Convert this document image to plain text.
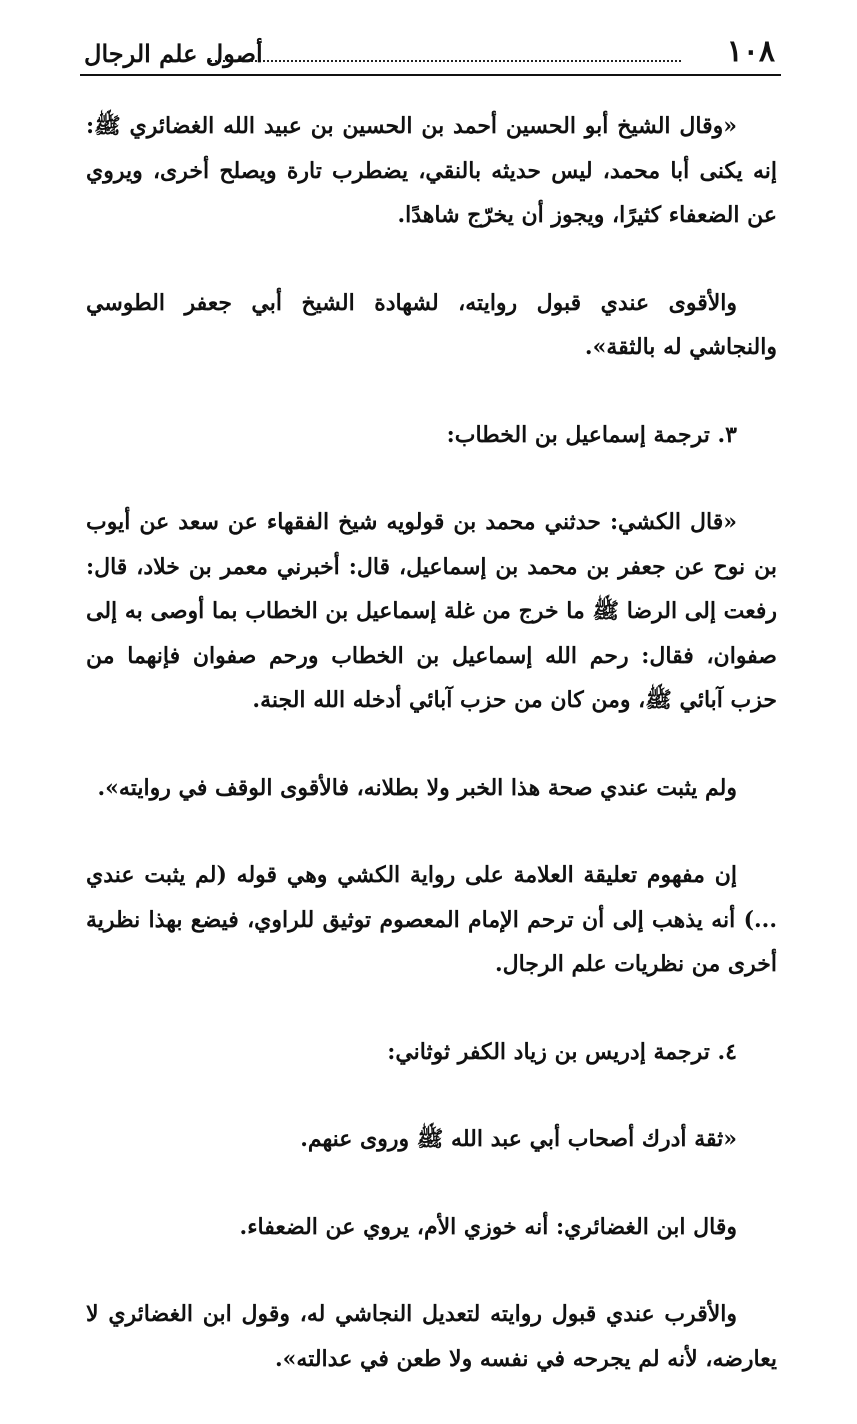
١٠٨
أصول علم الرجال

«وقال الشيخ أبو الحسين أحمد بن الحسين بن عبيد الله الغضائري ﷺ: إنه يكنى أبا محمد، ليس حديثه بالنقي، يضطرب تارة ويصلح أخرى، ويروي عن الضعفاء كثيرًا، ويجوز أن يخرّج شاهدًا.

والأقوى عندي قبول روايته، لشهادة الشيخ أبي جعفر الطوسي والنجاشي له بالثقة».

٣. ترجمة إسماعيل بن الخطاب:

«قال الكشي: حدثني محمد بن قولويه شيخ الفقهاء عن سعد عن أيوب بن نوح عن جعفر بن محمد بن إسماعيل، قال: أخبرني معمر بن خلاد، قال: رفعت إلى الرضا ﷺ ما خرج من غلة إسماعيل بن الخطاب بما أوصى به إلى صفوان، فقال: رحم الله إسماعيل بن الخطاب ورحم صفوان فإنهما من حزب آبائي ﷺ، ومن كان من حزب آبائي أدخله الله الجنة.

ولم يثبت عندي صحة هذا الخبر ولا بطلانه، فالأقوى الوقف في روايته».

إن مفهوم تعليقة العلامة على رواية الكشي وهي قوله (لم يثبت عندي ...) أنه يذهب إلى أن ترحم الإمام المعصوم توثيق للراوي، فيضع بهذا نظرية أخرى من نظريات علم الرجال.

٤. ترجمة إدريس بن زياد الكفر ثوثاني:

«ثقة أدرك أصحاب أبي عبد الله ﷺ وروى عنهم.

وقال ابن الغضائري: أنه خوزي الأم، يروي عن الضعفاء.

والأقرب عندي قبول روايته لتعديل النجاشي له، وقول ابن الغضائري لا يعارضه، لأنه لم يجرحه في نفسه ولا طعن في عدالته».
